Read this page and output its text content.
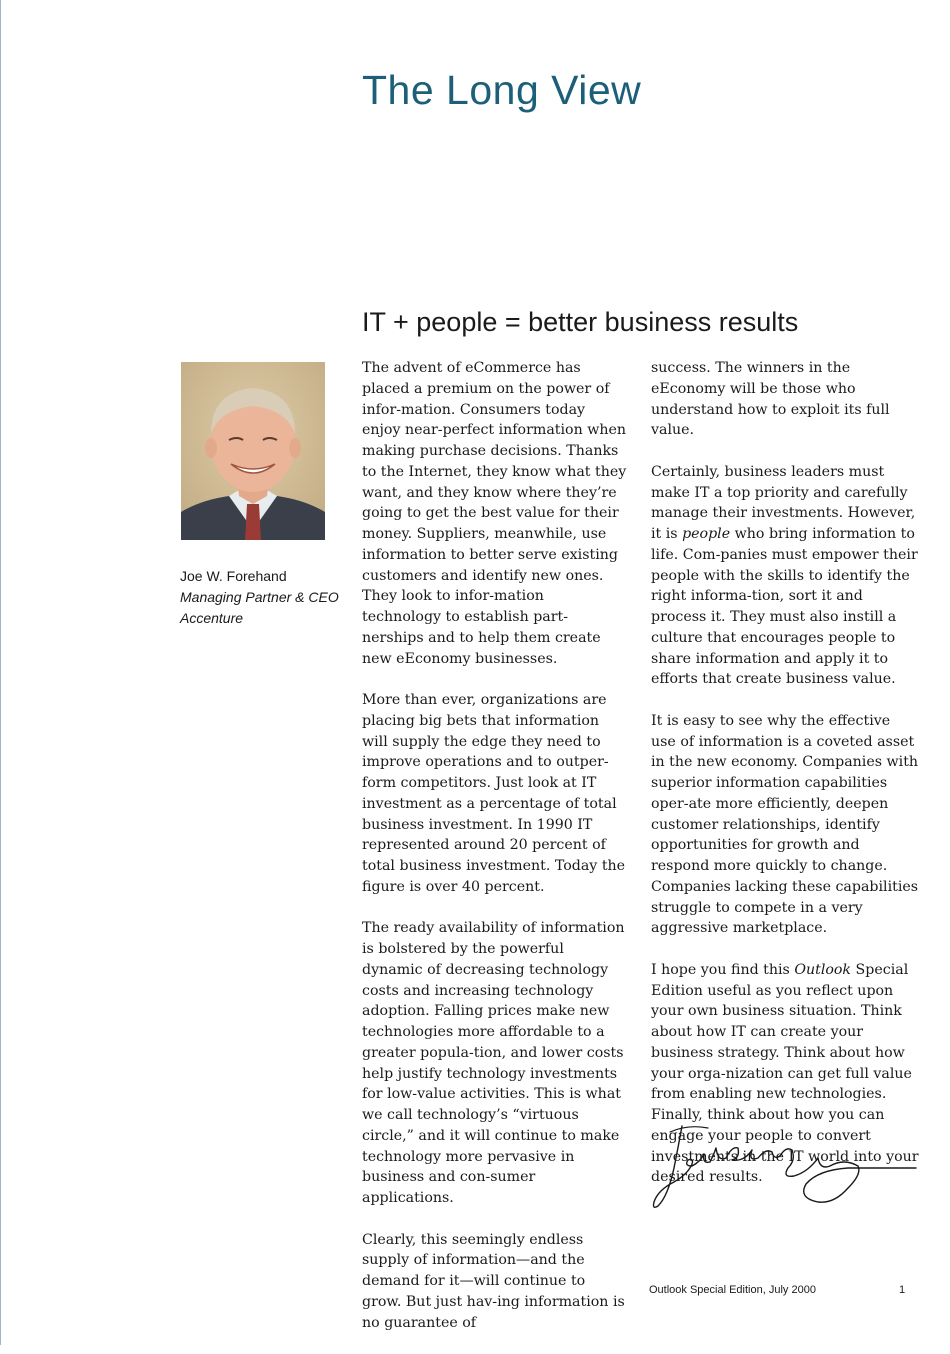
The Long View
IT + people = better business results
Joe W. Forehand
Managing Partner & CEO
Accenture

The advent of eCommerce has placed a premium on the power of infor-mation. Consumers today enjoy near-perfect information when making purchase decisions. Thanks to the Internet, they know what they want, and they know where they’re going to get the best value for their money. Suppliers, meanwhile, use information to better serve existing customers and identify new ones. They look to infor-mation technology to establish part-nerships and to help them create new eEconomy businesses.

More than ever, organizations are placing big bets that information will supply the edge they need to improve operations and to outper-form competitors. Just look at IT investment as a percentage of total business investment. In 1990 IT represented around 20 percent of total business investment. Today the figure is over 40 percent.

The ready availability of information is bolstered by the powerful dynamic of decreasing technology costs and increasing technology adoption. Falling prices make new technologies more affordable to a greater popula-tion, and lower costs help justify technology investments for low-value activities. This is what we call technology’s “virtuous circle,” and it will continue to make technology more pervasive in business and con-sumer applications.

Clearly, this seemingly endless supply of information—and the demand for it—will continue to grow. But just hav-ing information is no guarantee of

success. The winners in the eEconomy will be those who understand how to exploit its full value.

Certainly, business leaders must make IT a top priority and carefully manage their investments. However, it is people who bring information to life. Com-panies must empower their people with the skills to identify the right informa-tion, sort it and process it. They must also instill a culture that encourages people to share information and apply it to efforts that create business value.

It is easy to see why the effective use of information is a coveted asset in the new economy. Companies with superior information capabilities oper-ate more efficiently, deepen customer relationships, identify opportunities for growth and respond more quickly to change. Companies lacking these capabilities struggle to compete in a very aggressive marketplace.

I hope you find this Outlook Special Edition useful as you reflect upon your own business situation. Think about how IT can create your business strategy. Think about how your orga-nization can get full value from enabling new technologies. Finally, think about how you can engage your people to convert investments in the IT world into your desired results.

Outlook Special Edition, July 2000	1
